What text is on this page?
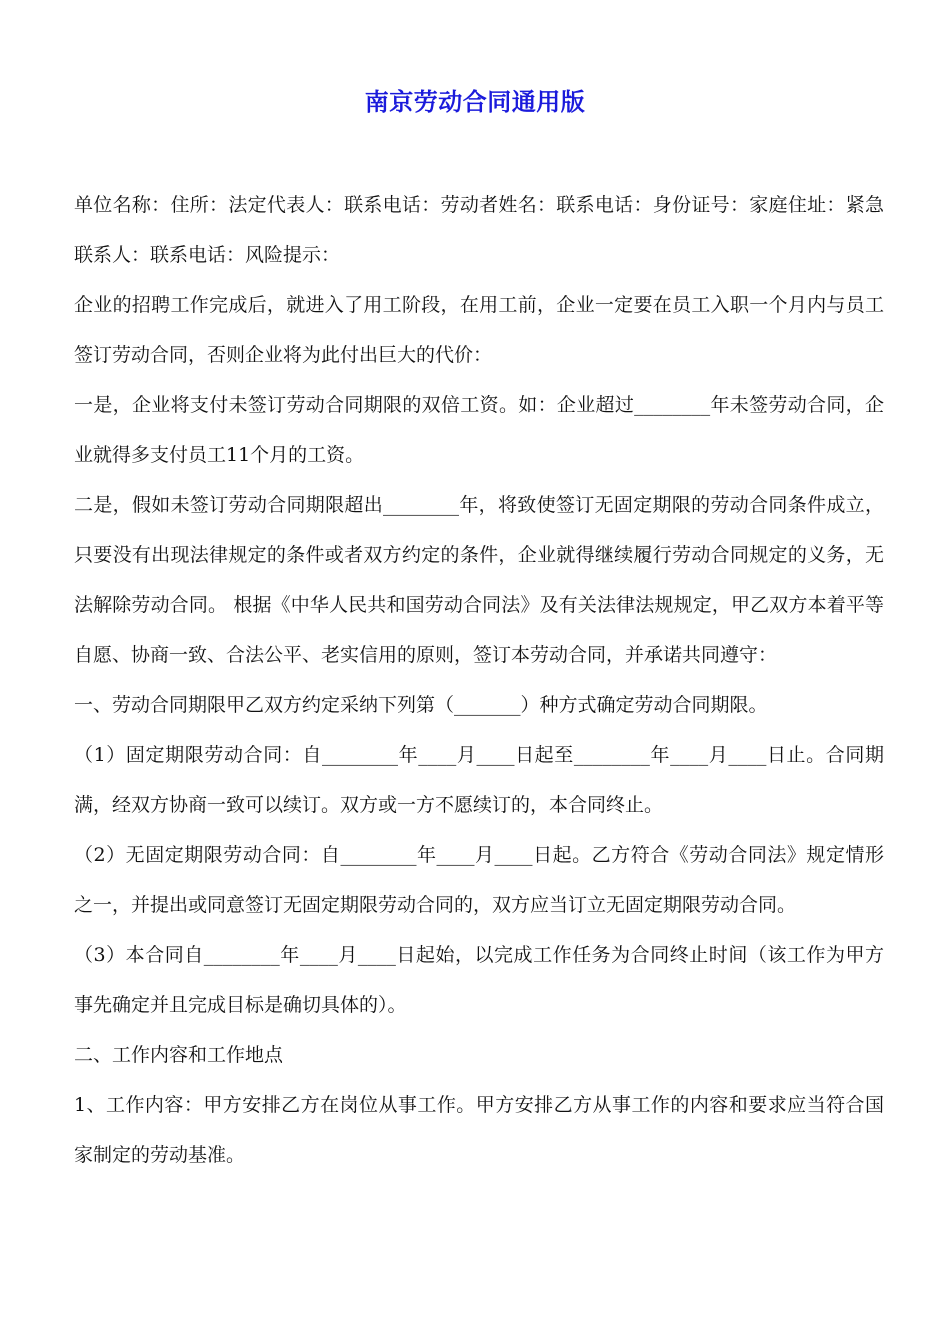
南京劳动合同通用版

单位名称：住所：法定代表人：联系电话：劳动者姓名：联系电话：身份证号：家庭住址：紧急联系人：联系电话：风险提示：

企业的招聘工作完成后，就进入了用工阶段，在用工前，企业一定要在员工入职一个月内与员工签订劳动合同，否则企业将为此付出巨大的代价：

一是，企业将支付未签订劳动合同期限的双倍工资。如：企业超过________年未签劳动合同，企业就得多支付员工11个月的工资。

二是，假如未签订劳动合同期限超出________年，将致使签订无固定期限的劳动合同条件成立，只要没有出现法律规定的条件或者双方约定的条件，企业就得继续履行劳动合同规定的义务，无法解除劳动合同。 根据《中华人民共和国劳动合同法》及有关法律法规规定，甲乙双方本着平等自愿、协商一致、合法公平、老实信用的原则，签订本劳动合同，并承诺共同遵守：

一、劳动合同期限甲乙双方约定采纳下列第（_______）种方式确定劳动合同期限。

（1）固定期限劳动合同：自________年____月____日起至________年____月____日止。合同期满，经双方协商一致可以续订。双方或一方不愿续订的，本合同终止。

（2）无固定期限劳动合同：自________年____月____日起。乙方符合《劳动合同法》规定情形之一，并提出或同意签订无固定期限劳动合同的，双方应当订立无固定期限劳动合同。

（3）本合同自________年____月____日起始，以完成工作任务为合同终止时间（该工作为甲方事先确定并且完成目标是确切具体的）。

二、工作内容和工作地点

1、工作内容：甲方安排乙方在岗位从事工作。甲方安排乙方从事工作的内容和要求应当符合国家制定的劳动基准。
